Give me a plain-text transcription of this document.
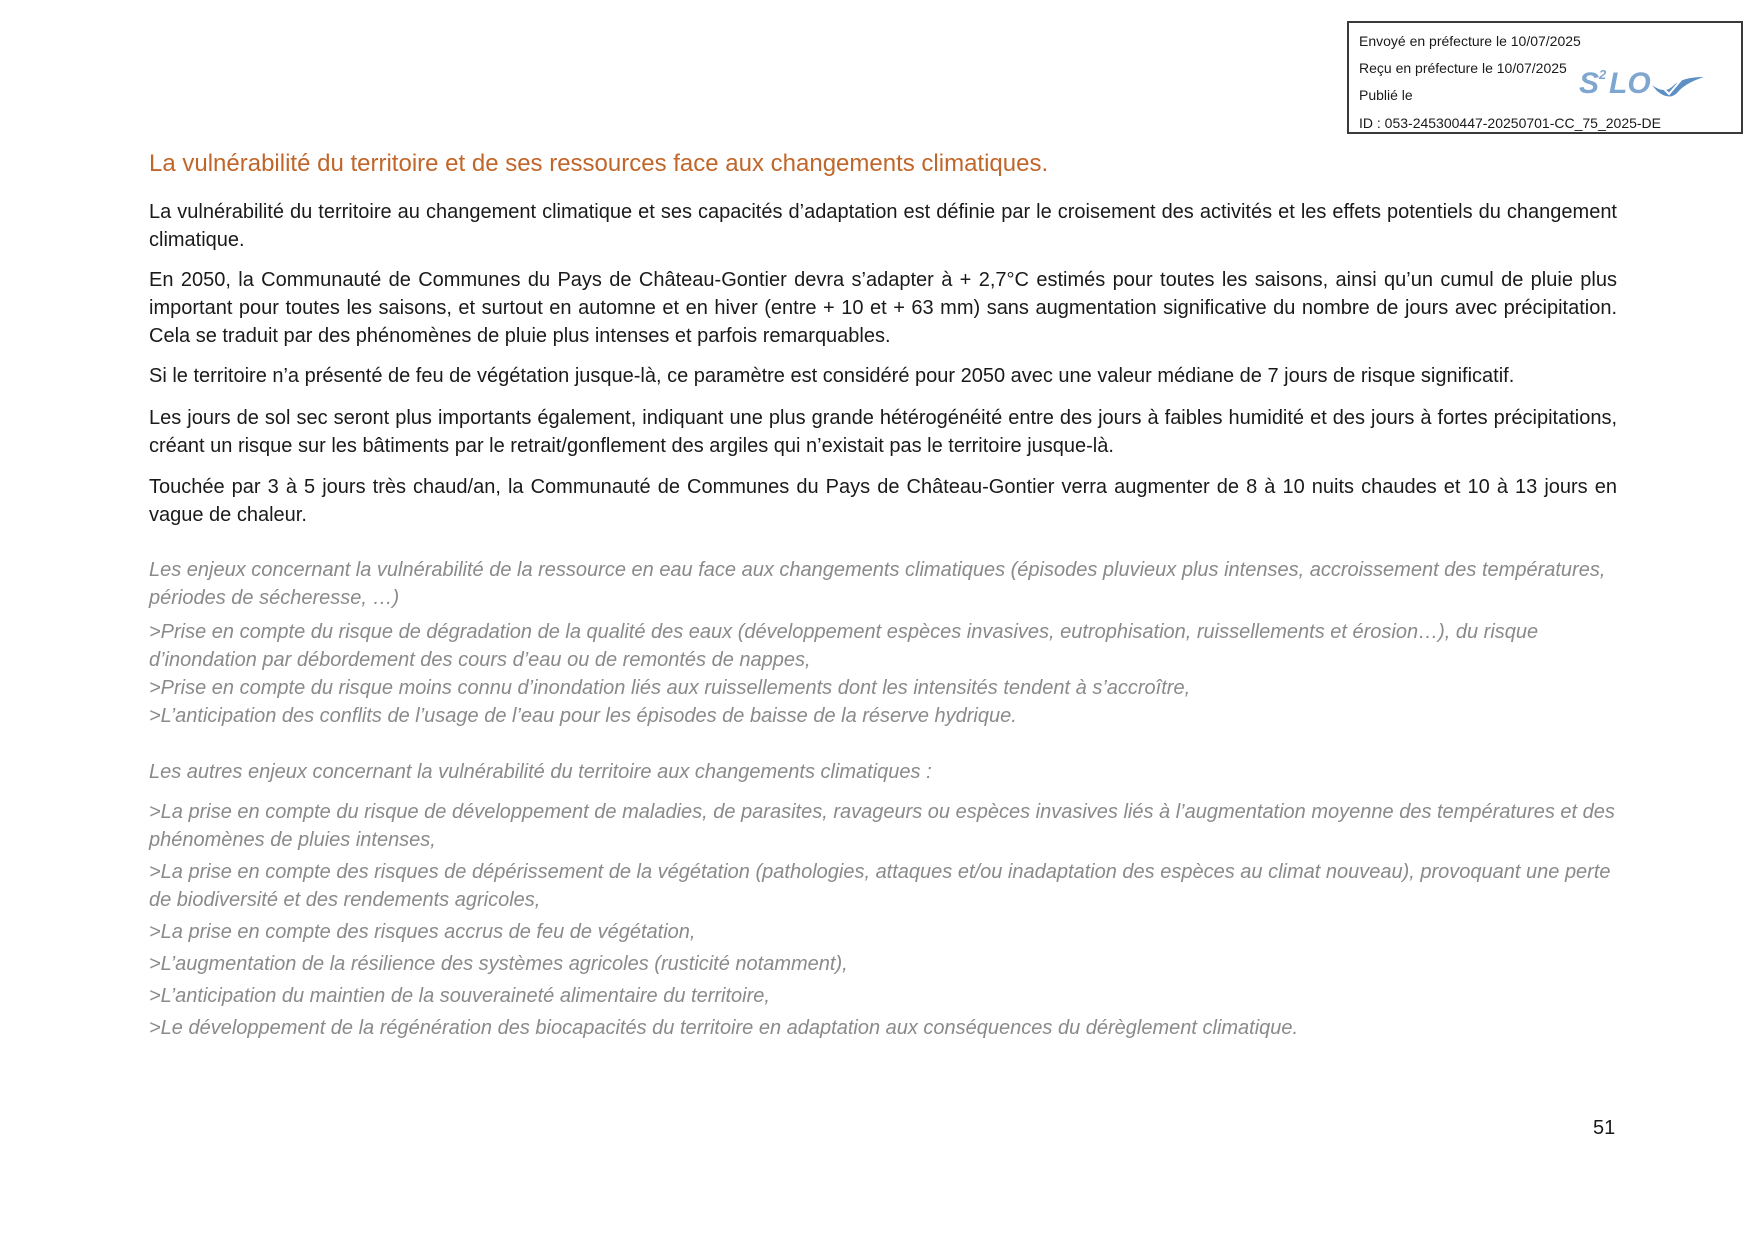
Envoyé en préfecture le 10/07/2025
Reçu en préfecture le 10/07/2025
Publié le
ID : 053-245300447-20250701-CC_75_2025-DE
S 2 LO
La vulnérabilité du territoire et de ses ressources face aux changements climatiques.

La vulnérabilité du territoire au changement climatique et ses capacités d’adaptation est définie par le croisement des activités et les effets potentiels du changement climatique.

En 2050, la Communauté de Communes du Pays de Château-Gontier devra s’adapter à + 2,7°C estimés pour toutes les saisons, ainsi qu’un cumul de pluie plus important pour toutes les saisons, et surtout en automne et en hiver (entre + 10 et + 63 mm) sans augmentation significative du nombre de jours avec précipitation. Cela se traduit par des phénomènes de pluie plus intenses et parfois remarquables.

Si le territoire n’a présenté de feu de végétation jusque-là, ce paramètre est considéré pour 2050 avec une valeur médiane de 7 jours de risque significatif.

Les jours de sol sec seront plus importants également, indiquant une plus grande hétérogénéité entre des jours à faibles humidité et des jours à fortes précipitations, créant un risque sur les bâtiments par le retrait/gonflement des argiles qui n’existait pas le territoire jusque-là.

Touchée par 3 à 5 jours très chaud/an, la Communauté de Communes du Pays de Château-Gontier verra augmenter de 8 à 10 nuits chaudes et 10 à 13 jours en vague de chaleur.

Les enjeux concernant la vulnérabilité de la ressource en eau face aux changements climatiques (épisodes pluvieux plus intenses, accroissement des températures, périodes de sécheresse, …)

>Prise en compte du risque de dégradation de la qualité des eaux (développement espèces invasives, eutrophisation, ruissellements et érosion…), du risque d’inondation par débordement des cours d’eau ou de remontés de nappes,

>Prise en compte du risque moins connu d’inondation liés aux ruissellements dont les intensités tendent à s’accroître,

>L’anticipation des conflits de l’usage de l’eau pour les épisodes de baisse de la réserve hydrique.

Les autres enjeux concernant la vulnérabilité du territoire aux changements climatiques :

>La prise en compte du risque de développement de maladies, de parasites, ravageurs ou espèces invasives liés à l’augmentation moyenne des températures et des phénomènes de pluies intenses,

>La prise en compte des risques de dépérissement de la végétation (pathologies, attaques et/ou inadaptation des espèces au climat nouveau), provoquant une perte de biodiversité et des rendements agricoles,

>La prise en compte des risques accrus de feu de végétation,

>L’augmentation de la résilience des systèmes agricoles (rusticité notamment),

>L’anticipation du maintien de la souveraineté alimentaire du territoire,

>Le développement de la régénération des biocapacités du territoire en adaptation aux conséquences du dérèglement climatique.

51
